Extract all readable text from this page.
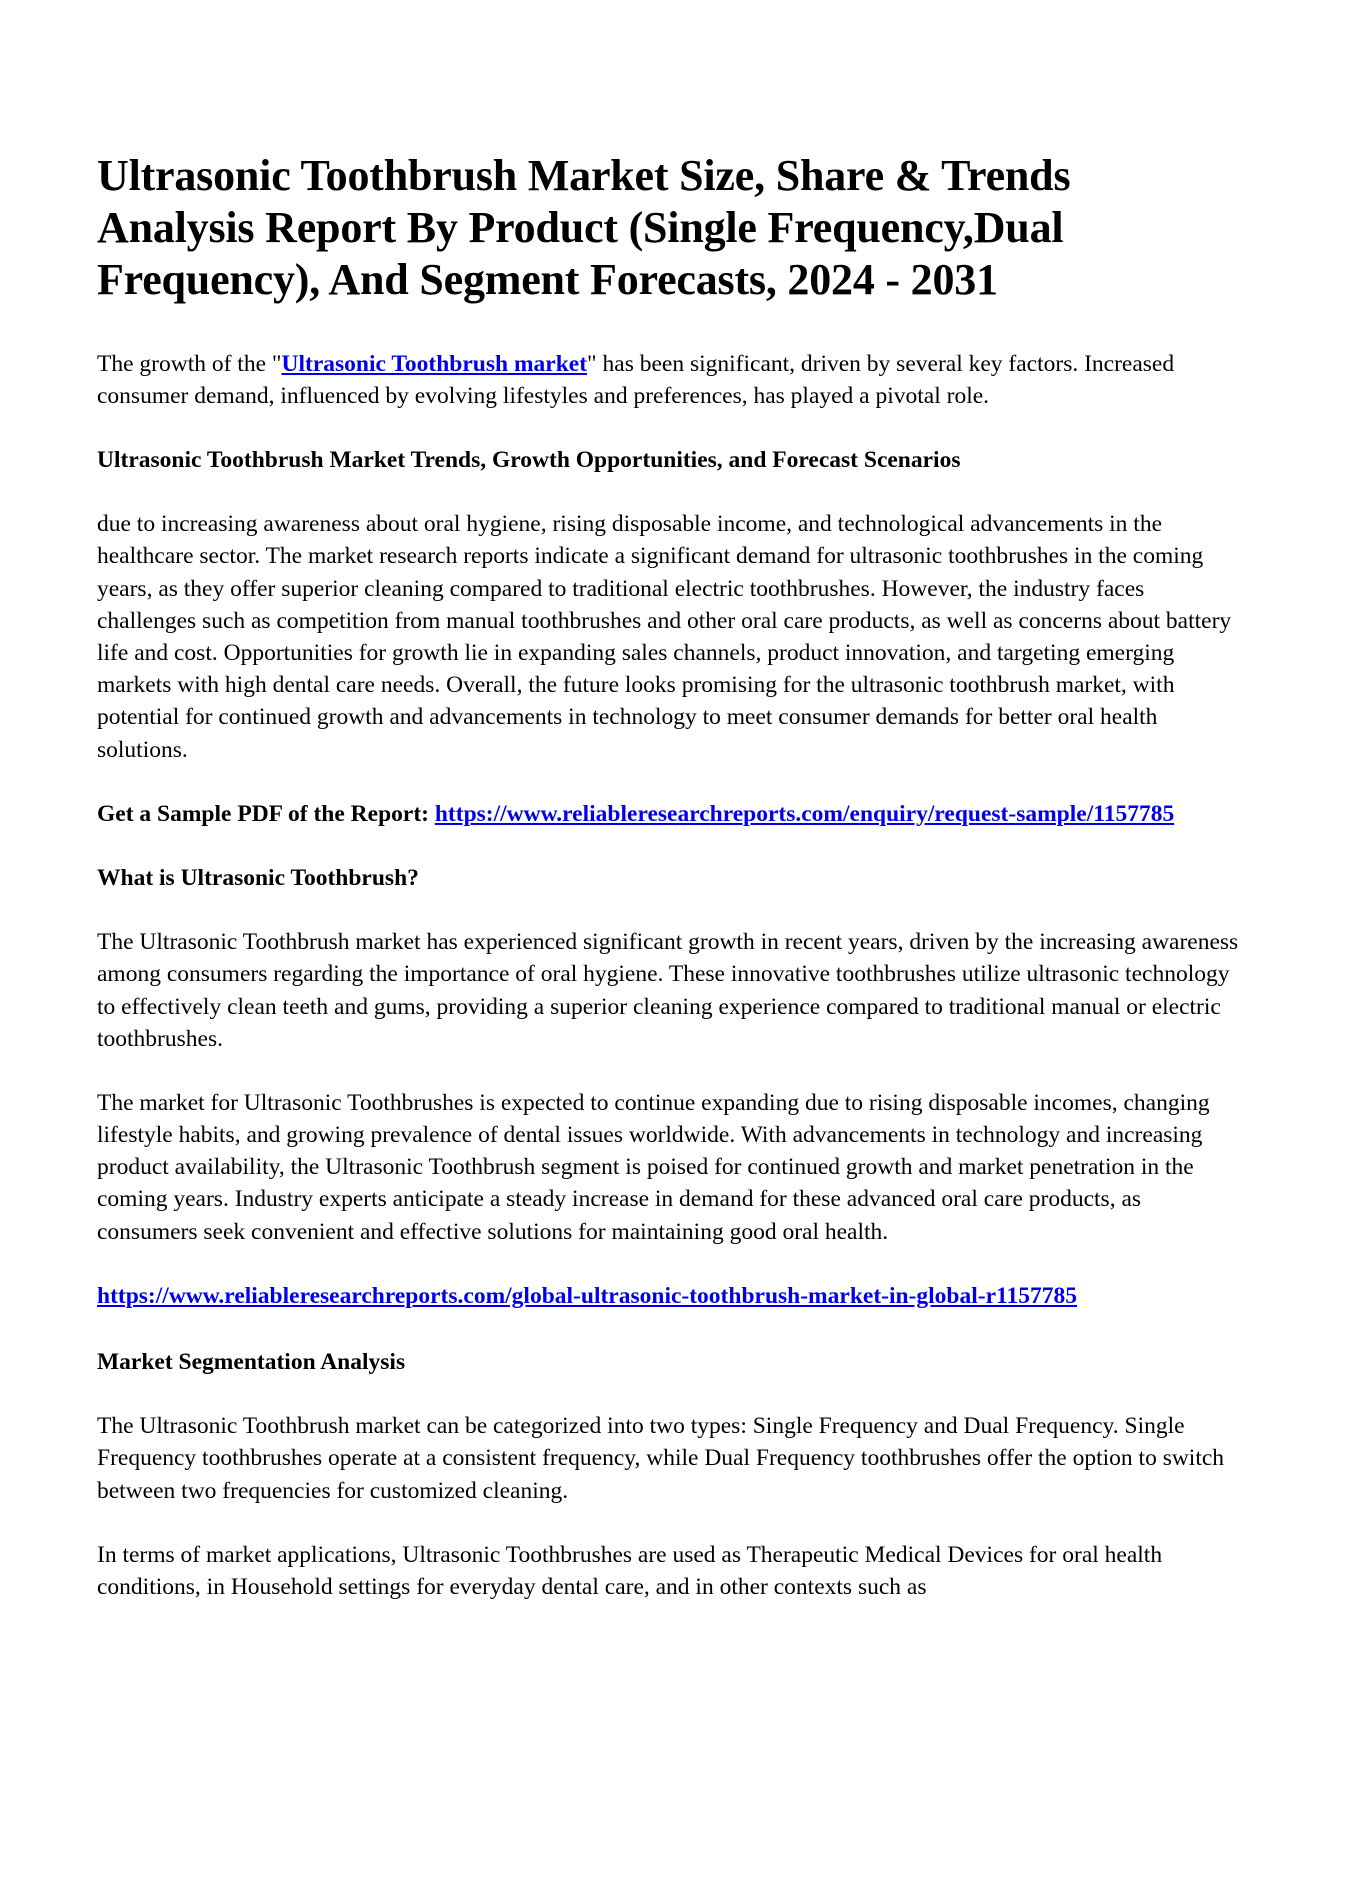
Ultrasonic Toothbrush Market Size, Share & Trends Analysis Report By Product (Single Frequency,Dual Frequency), And Segment Forecasts, 2024 - 2031

The growth of the "Ultrasonic Toothbrush market" has been significant, driven by several key factors. Increased consumer demand, influenced by evolving lifestyles and preferences, has played a pivotal role.

Ultrasonic Toothbrush Market Trends, Growth Opportunities, and Forecast Scenarios

due to increasing awareness about oral hygiene, rising disposable income, and technological advancements in the healthcare sector. The market research reports indicate a significant demand for ultrasonic toothbrushes in the coming years, as they offer superior cleaning compared to traditional electric toothbrushes. However, the industry faces challenges such as competition from manual toothbrushes and other oral care products, as well as concerns about battery life and cost. Opportunities for growth lie in expanding sales channels, product innovation, and targeting emerging markets with high dental care needs. Overall, the future looks promising for the ultrasonic toothbrush market, with potential for continued growth and advancements in technology to meet consumer demands for better oral health solutions.

Get a Sample PDF of the Report: https://www.reliableresearchreports.com/enquiry/request-sample/1157785

What is Ultrasonic Toothbrush?

The Ultrasonic Toothbrush market has experienced significant growth in recent years, driven by the increasing awareness among consumers regarding the importance of oral hygiene. These innovative toothbrushes utilize ultrasonic technology to effectively clean teeth and gums, providing a superior cleaning experience compared to traditional manual or electric toothbrushes.

The market for Ultrasonic Toothbrushes is expected to continue expanding due to rising disposable incomes, changing lifestyle habits, and growing prevalence of dental issues worldwide. With advancements in technology and increasing product availability, the Ultrasonic Toothbrush segment is poised for continued growth and market penetration in the coming years. Industry experts anticipate a steady increase in demand for these advanced oral care products, as consumers seek convenient and effective solutions for maintaining good oral health.

https://www.reliableresearchreports.com/global-ultrasonic-toothbrush-market-in-global-r1157785

Market Segmentation Analysis

The Ultrasonic Toothbrush market can be categorized into two types: Single Frequency and Dual Frequency. Single Frequency toothbrushes operate at a consistent frequency, while Dual Frequency toothbrushes offer the option to switch between two frequencies for customized cleaning.

In terms of market applications, Ultrasonic Toothbrushes are used as Therapeutic Medical Devices for oral health conditions, in Household settings for everyday dental care, and in other contexts such as
